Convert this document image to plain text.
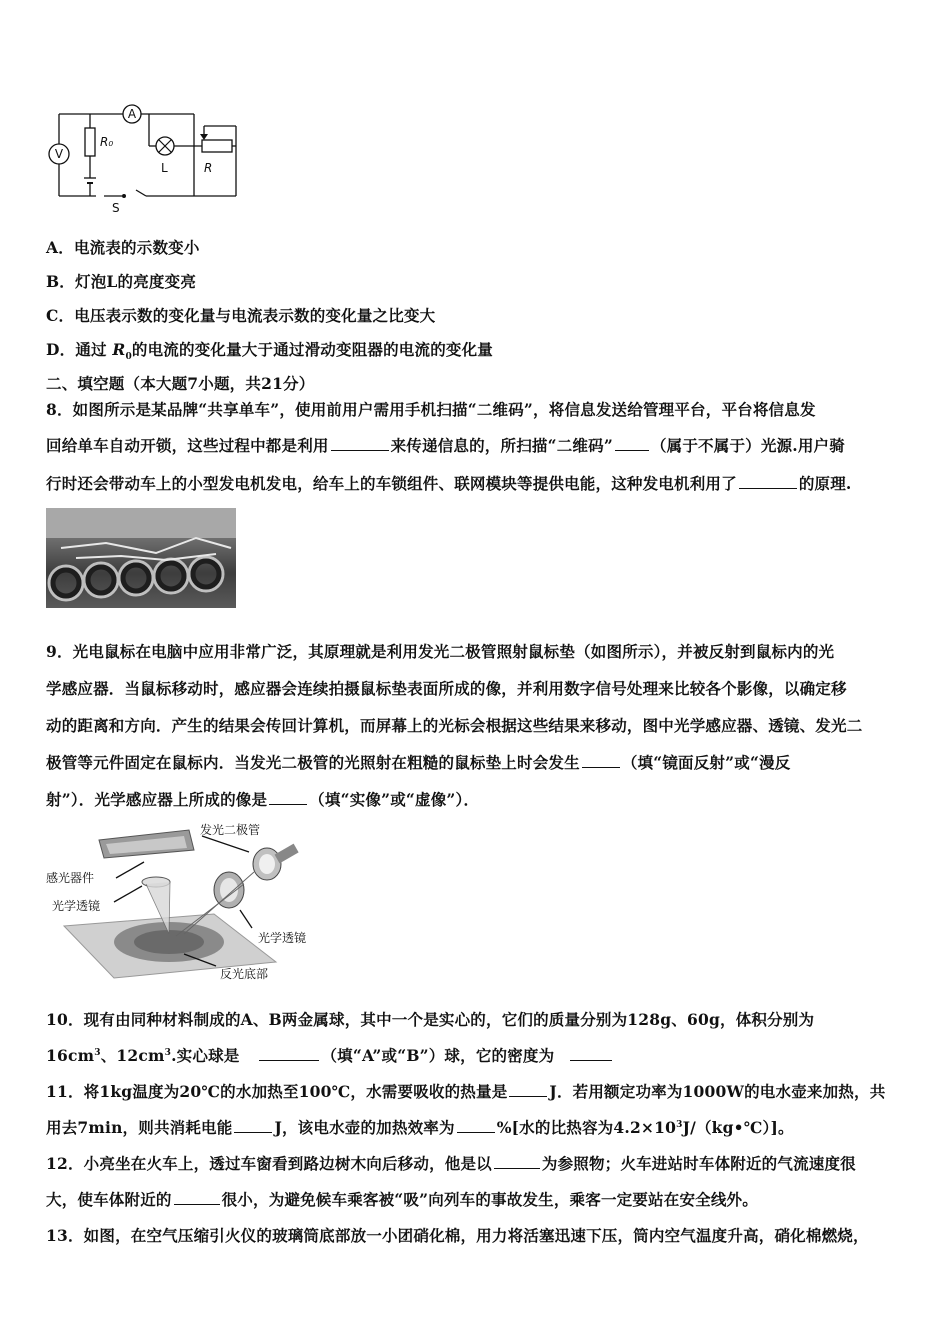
A
V
R₀
L	R
S
A．电流表的示数变小
B．灯泡L的亮度变亮
C．电压表示数的变化量与电流表示数的变化量之比变大
D．通过 $R_0$的电流的变化量大于通过滑动变阻器的电流的变化量
二、填空题（本大题7小题，共21分）
8．如图所示是某品牌“共享单车”，使用前用户需用手机扫描“二维码”，将信息发送给管理平台，平台将信息发
回给单车自动开锁，这些过程中都是利用	来传递信息的，所扫描“二维码” （属于不属于）光源.用户骑
行时还会带动车上的小型发电机发电，给车上的车锁组件、联网模块等提供电能，这种发电机利用了	的原理.
9．光电鼠标在电脑中应用非常广泛，其原理就是利用发光二极管照射鼠标垫（如图所示），并被反射到鼠标内的光
学感应器．当鼠标移动时，感应器会连续拍摄鼠标垫表面所成的像，并利用数字信号处理来比较各个影像，以确定移
动的距离和方向．产生的结果会传回计算机，而屏幕上的光标会根据这些结果来移动，图中光学感应器、透镜、发光二
极管等元件固定在鼠标内．当发光二极管的光照射在粗糙的鼠标垫上时会发生	（填“镜面反射”或“漫反
射”）．光学感应器上所成的像是	（填“实像”或“虚像”）．
发光二极管
感光器件
光学透镜
光学透镜
反光底部
10．现有由同种材料制成的A、B两金属球，其中一个是实心的，它们的质量分别为128g、60g，体积分别为
$16cm^3$、$12cm^3$.实心球是	（填“A”或“B”）球，它的密度为
11．将1kg温度为20℃的水加热至100℃，水需要吸收的热量是	J．若用额定功率为1000W的电水壶来加热，共
用去7min，则共消耗电能	J，该电水壶的加热效率为	%[水的比热容为$4.2\times 10^3J/(kg•℃)$]。
12．小亮坐在火车上，透过车窗看到路边树木向后移动，他是以	为参照物；火车进站时车体附近的气流速度很
大，使车体附近的	很小，为避免候车乘客被“吸”向列车的事故发生，乘客一定要站在安全线外。
13．如图，在空气压缩引火仪的玻璃筒底部放一小团硝化棉，用力将活塞迅速下压，筒内空气温度升高，硝化棉燃烧，
